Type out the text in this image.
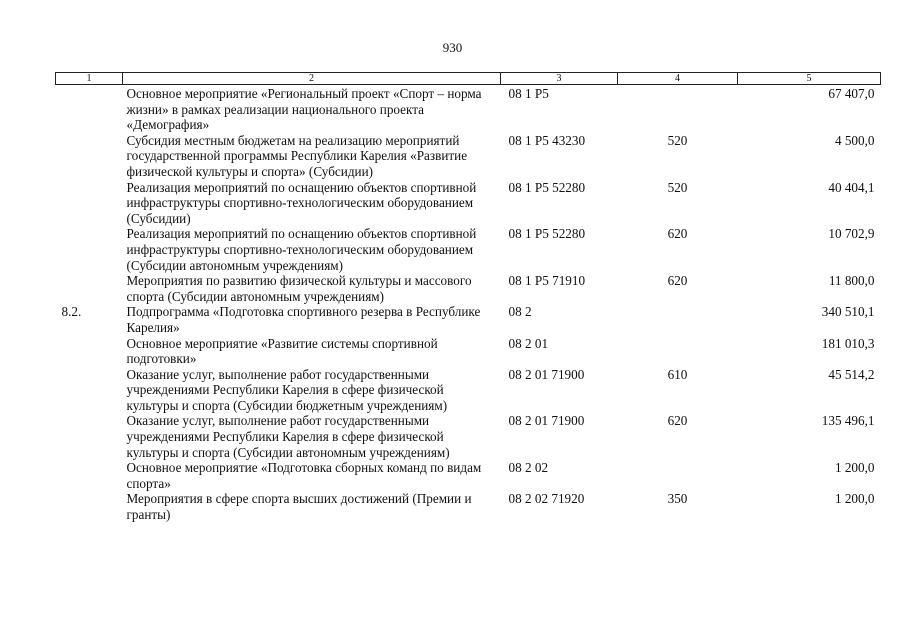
930
1	2	3	4	5
	Основное мероприятие «Региональный проект «Спорт – норма жизни» в рамках реализации национального проекта «Демография»	08 1 P5		67 407,0
	Субсидия местным бюджетам на реализацию мероприятий государственной программы Республики Карелия «Развитие физической культуры и спорта» (Субсидии)	08 1 P5 43230	520	4 500,0
	Реализация мероприятий по оснащению объектов спортивной инфраструктуры спортивно-технологическим оборудованием (Субсидии)	08 1 P5 52280	520	40 404,1
	Реализация мероприятий по оснащению объектов спортивной инфраструктуры спортивно-технологическим оборудованием (Субсидии автономным учреждениям)	08 1 P5 52280	620	10 702,9
	Мероприятия по развитию физической культуры и массового спорта (Субсидии автономным учреждениям)	08 1 P5 71910	620	11 800,0
8.2.	Подпрограмма «Подготовка спортивного резерва в Республике Карелия»	08 2		340 510,1
	Основное мероприятие «Развитие системы спортивной подготовки»	08 2 01		181 010,3
	Оказание услуг, выполнение работ государственными учреждениями Республики Карелия в сфере физической культуры и спорта (Субсидии бюджетным учреждениям)	08 2 01 71900	610	45 514,2
	Оказание услуг, выполнение работ государственными учреждениями Республики Карелия в сфере физической культуры и спорта (Субсидии автономным учреждениям)	08 2 01 71900	620	135 496,1
	Основное мероприятие «Подготовка сборных команд по видам спорта»	08 2 02		1 200,0
	Мероприятия в сфере спорта высших достижений (Премии и гранты)	08 2 02 71920	350	1 200,0
